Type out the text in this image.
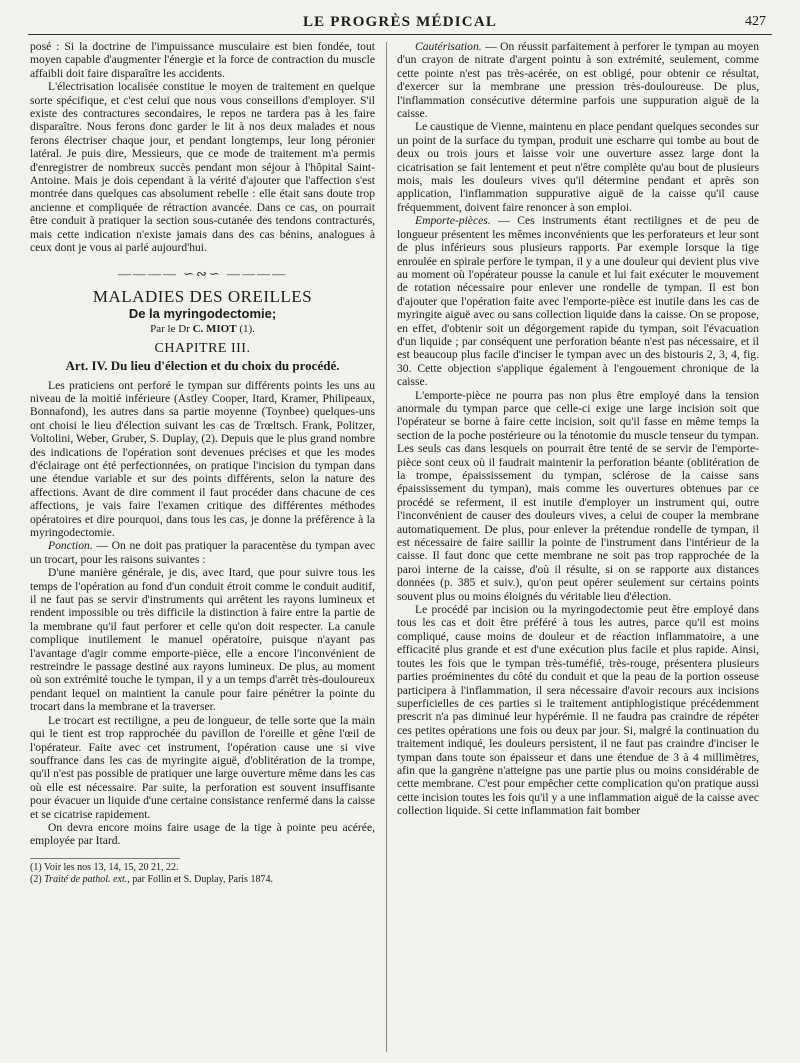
LE PROGRÈS MÉDICAL	427

posé : Si la doctrine de l'impuissance musculaire est bien fondée, tout moyen capable d'augmenter l'énergie et la force de contraction du muscle affaibli doit faire disparaître les accidents.

L'électrisation localisée constitue le moyen de traitement en quelque sorte spécifique, et c'est celui que nous vous conseillons d'employer. S'il existe des contractures secondaires, le repos ne tardera pas à les faire disparaître. Nous ferons donc garder le lit à nos deux malades et nous ferons électriser chaque jour, et pendant longtemps, leur long péronier latéral. Je puis dire, Messieurs, que ce mode de traitement m'a permis d'enregistrer de nombreux succès pendant mon séjour à l'hôpital Saint-Antoine. Mais je dois cependant à la vérité d'ajouter que l'affection s'est montrée dans quelques cas absolument rebelle : elle était sans doute trop ancienne et compliquée de rétraction avancée. Dans ce cas, on pourrait être conduit à pratiquer la section sous-cutanée des tendons contracturés, mais cette indication n'existe jamais dans des cas bénins, analogues à ceux dont je vous ai parlé aujourd'hui.

———— ∽∾∽ ————
MALADIES DES OREILLES
De la myringodectomie;
Par le Dr C. MIOT (1).
CHAPITRE III.
Art. IV. Du lieu d'élection et du choix du procédé.

Les praticiens ont perforé le tympan sur différents points les uns au niveau de la moitié inférieure (Astley Cooper, Itard, Kramer, Philipeaux, Bonnafond), les autres dans sa partie moyenne (Toynbee) quelques-uns ont choisi le lieu d'élection suivant les cas de Trœltsch. Frank, Politzer, Voltolini, Weber, Gruber, S. Duplay, (2). Depuis que le plus grand nombre des indications de l'opération sont devenues précises et que les modes d'éclairage ont été perfectionnées, on pratique l'incision du tympan dans une étendue variable et sur des points différents, selon la nature des affections. Avant de dire comment il faut procéder dans chacune de ces affections, je vais faire l'examen critique des différentes méthodes opératoires et dire pourquoi, dans tous les cas, je donne la préférence à la myringodectomie.

Ponction. — On ne doit pas pratiquer la paracentèse du tympan avec un trocart, pour les raisons suivantes :

D'une manière générale, je dis, avec Itard, que pour suivre tous les temps de l'opération au fond d'un conduit étroit comme le conduit auditif, il ne faut pas se servir d'instruments qui arrêtent les rayons lumineux et rendent impossible ou très difficile la distinction à faire entre la partie de la membrane qu'il faut perforer et celle qu'on doit respecter. La canule complique inutilement le manuel opératoire, puisque n'ayant pas l'avantage d'agir comme emporte-pièce, elle a encore l'inconvénient de restreindre le passage destiné aux rayons lumineux. De plus, au moment où son extrémité touche le tympan, il y a un temps d'arrêt très-douloureux pendant lequel on maintient la canule pour faire pénétrer la pointe du trocart dans la membrane et la traverser.

Le trocart est rectiligne, a peu de longueur, de telle sorte que la main qui le tient est trop rapprochée du pavillon de l'oreille et gêne l'œil de l'opérateur. Faite avec cet instrument, l'opération cause une si vive souffrance dans les cas de myringite aiguë, d'oblitération de la trompe, qu'il n'est pas possible de pratiquer une large ouverture même dans les cas où elle est nécessaire. Par suite, la perforation est souvent insuffisante pour évacuer un liquide d'une certaine consistance renfermé dans la caisse et se cicatrise rapidement.

On devra encore moins faire usage de la tige à pointe peu acérée, employée par Itard.

(1) Voir les nos 13, 14, 15, 20 21, 22.

(2) Traité de pathol. ext., par Follin et S. Duplay, Paris 1874.

Cautérisation. — On réussit parfaitement à perforer le tympan au moyen d'un crayon de nitrate d'argent pointu à son extrémité, seulement, comme cette pointe n'est pas très-acérée, on est obligé, pour obtenir ce résultat, d'exercer sur la membrane une pression très-douloureuse. De plus, l'inflammation consécutive détermine parfois une suppuration aiguë de la caisse.

Le caustique de Vienne, maintenu en place pendant quelques secondes sur un point de la surface du tympan, produit une escharre qui tombe au bout de deux ou trois jours et laisse voir une ouverture assez large dont la cicatrisation se fait lentement et peut n'être complète qu'au bout de plusieurs mois, mais les douleurs vives qu'il détermine pendant et après son application, l'inflammation suppurative aiguë de la caisse qu'il cause fréquemment, doivent faire renoncer à son emploi.

Emporte-pièces. — Ces instruments étant rectilignes et de peu de longueur présentent les mêmes inconvénients que les perforateurs et leur sont de plus inférieurs sous plusieurs rapports. Par exemple lorsque la tige enroulée en spirale perfore le tympan, il y a une douleur qui devient plus vive au moment où l'opérateur pousse la canule et lui fait exécuter le mouvement de rotation nécessaire pour enlever une rondelle de tympan. Il est bon d'ajouter que l'opération faite avec l'emporte-pièce est inutile dans les cas de myringite aiguë avec ou sans collection liquide dans la caisse. On se propose, en effet, d'obtenir soit un dégorgement rapide du tympan, soit l'évacuation d'un liquide ; par conséquent une perforation béante n'est pas nécessaire, et il est beaucoup plus facile d'inciser le tympan avec un des bistouris 2, 3, 4, fig. 30. Cette objection s'applique également à l'engouement chronique de la caisse.

L'emporte-pièce ne pourra pas non plus être employé dans la tension anormale du tympan parce que celle-ci exige une large incision soit que l'opérateur se borne à faire cette incision, soit qu'il fasse en même temps la section de la poche postérieure ou la ténotomie du muscle tenseur du tympan. Les seuls cas dans lesquels on pourrait être tenté de se servir de l'emporte-pièce sont ceux où il faudrait maintenir la perforation béante (oblitération de la trompe, épaississement du tympan, sclérose de la caisse sans épaississement du tympan), mais comme les ouvertures obtenues par ce procédé se referment, il est inutile d'employer un instrument qui, outre l'inconvénient de causer des douleurs vives, a celui de couper la membrane automatiquement. De plus, pour enlever la prétendue rondelle de tympan, il est nécessaire de faire saillir la pointe de l'instrument dans l'intérieur de la caisse. Il faut donc que cette membrane ne soit pas trop rapprochée de la paroi interne de la caisse, d'où il résulte, si on se rapporte aux distances données (p. 385 et suiv.), qu'on peut opérer seulement sur certains points souvent plus ou moins éloignés du véritable lieu d'élection.

Le procédé par incision ou la myringodectomie peut être employé dans tous les cas et doit être préféré à tous les autres, parce qu'il est moins compliqué, cause moins de douleur et de réaction inflammatoire, a une efficacité plus grande et est d'une exécution plus facile et plus rapide. Ainsi, toutes les fois que le tympan très-tuméfié, très-rouge, présentera plusieurs parties proéminentes du côté du conduit et que la peau de la portion osseuse participera à l'inflammation, il sera nécessaire d'avoir recours aux incisions superficielles de ces parties si le traitement antiphlogistique précédemment prescrit n'a pas diminué leur hypérémie. Il ne faudra pas craindre de répéter ces petites opérations une fois ou deux par jour. Si, malgré la continuation du traitement indiqué, les douleurs persistent, il ne faut pas craindre d'inciser le tympan dans toute son épaisseur et dans une étendue de 3 à 4 millimètres, afin que la gangrène n'atteigne pas une partie plus ou moins considérable de cette membrane. C'est pour empêcher cette complication qu'on pratique aussi cette incision toutes les fois qu'il y a une inflammation aiguë de la caisse avec collection liquide. Si cette inflammation fait bomber
